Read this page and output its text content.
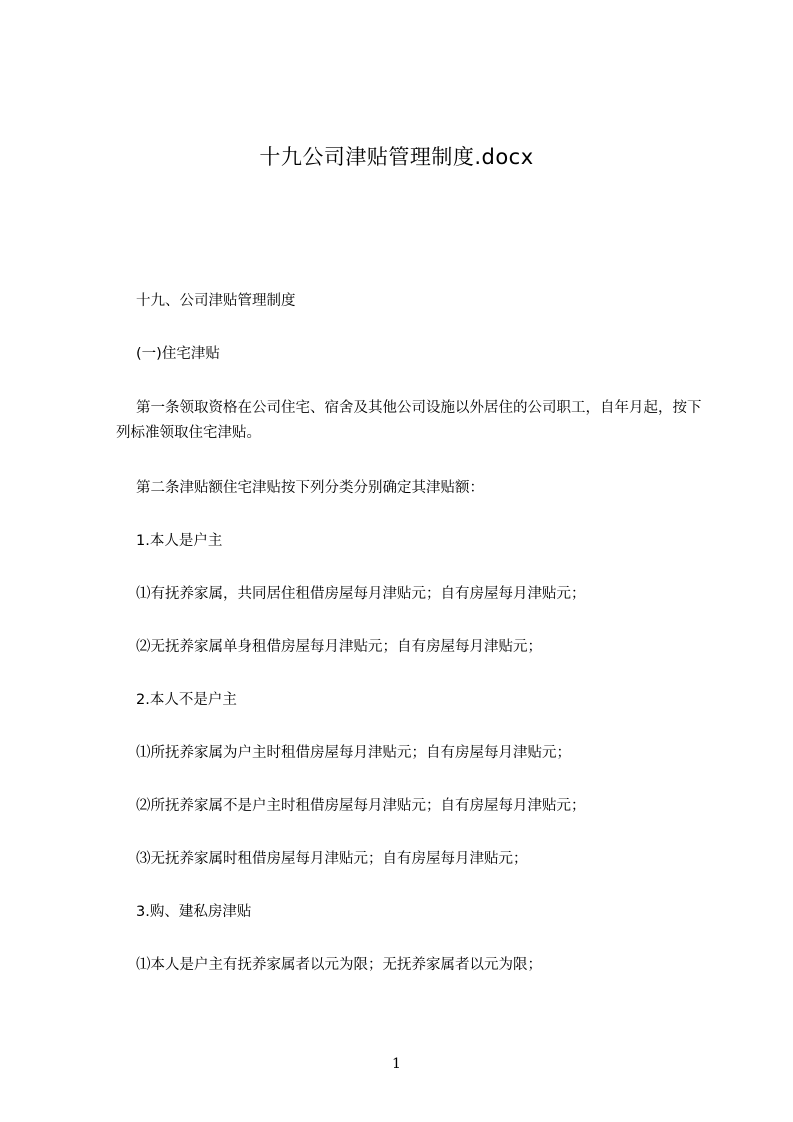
十九公司津贴管理制度.docx

十九、公司津贴管理制度

(一)住宅津贴

第一条领取资格在公司住宅、宿舍及其他公司设施以外居住的公司职工，自年月起，按下列标准领取住宅津贴。

第二条津贴额住宅津贴按下列分类分别确定其津贴额：

1.本人是户主

⑴有抚养家属，共同居住租借房屋每月津贴元；自有房屋每月津贴元；

⑵无抚养家属单身租借房屋每月津贴元；自有房屋每月津贴元；

2.本人不是户主

⑴所抚养家属为户主时租借房屋每月津贴元；自有房屋每月津贴元；

⑵所抚养家属不是户主时租借房屋每月津贴元；自有房屋每月津贴元；

⑶无抚养家属时租借房屋每月津贴元；自有房屋每月津贴元；

3.购、建私房津贴

⑴本人是户主有抚养家属者以元为限；无抚养家属者以元为限；

1
